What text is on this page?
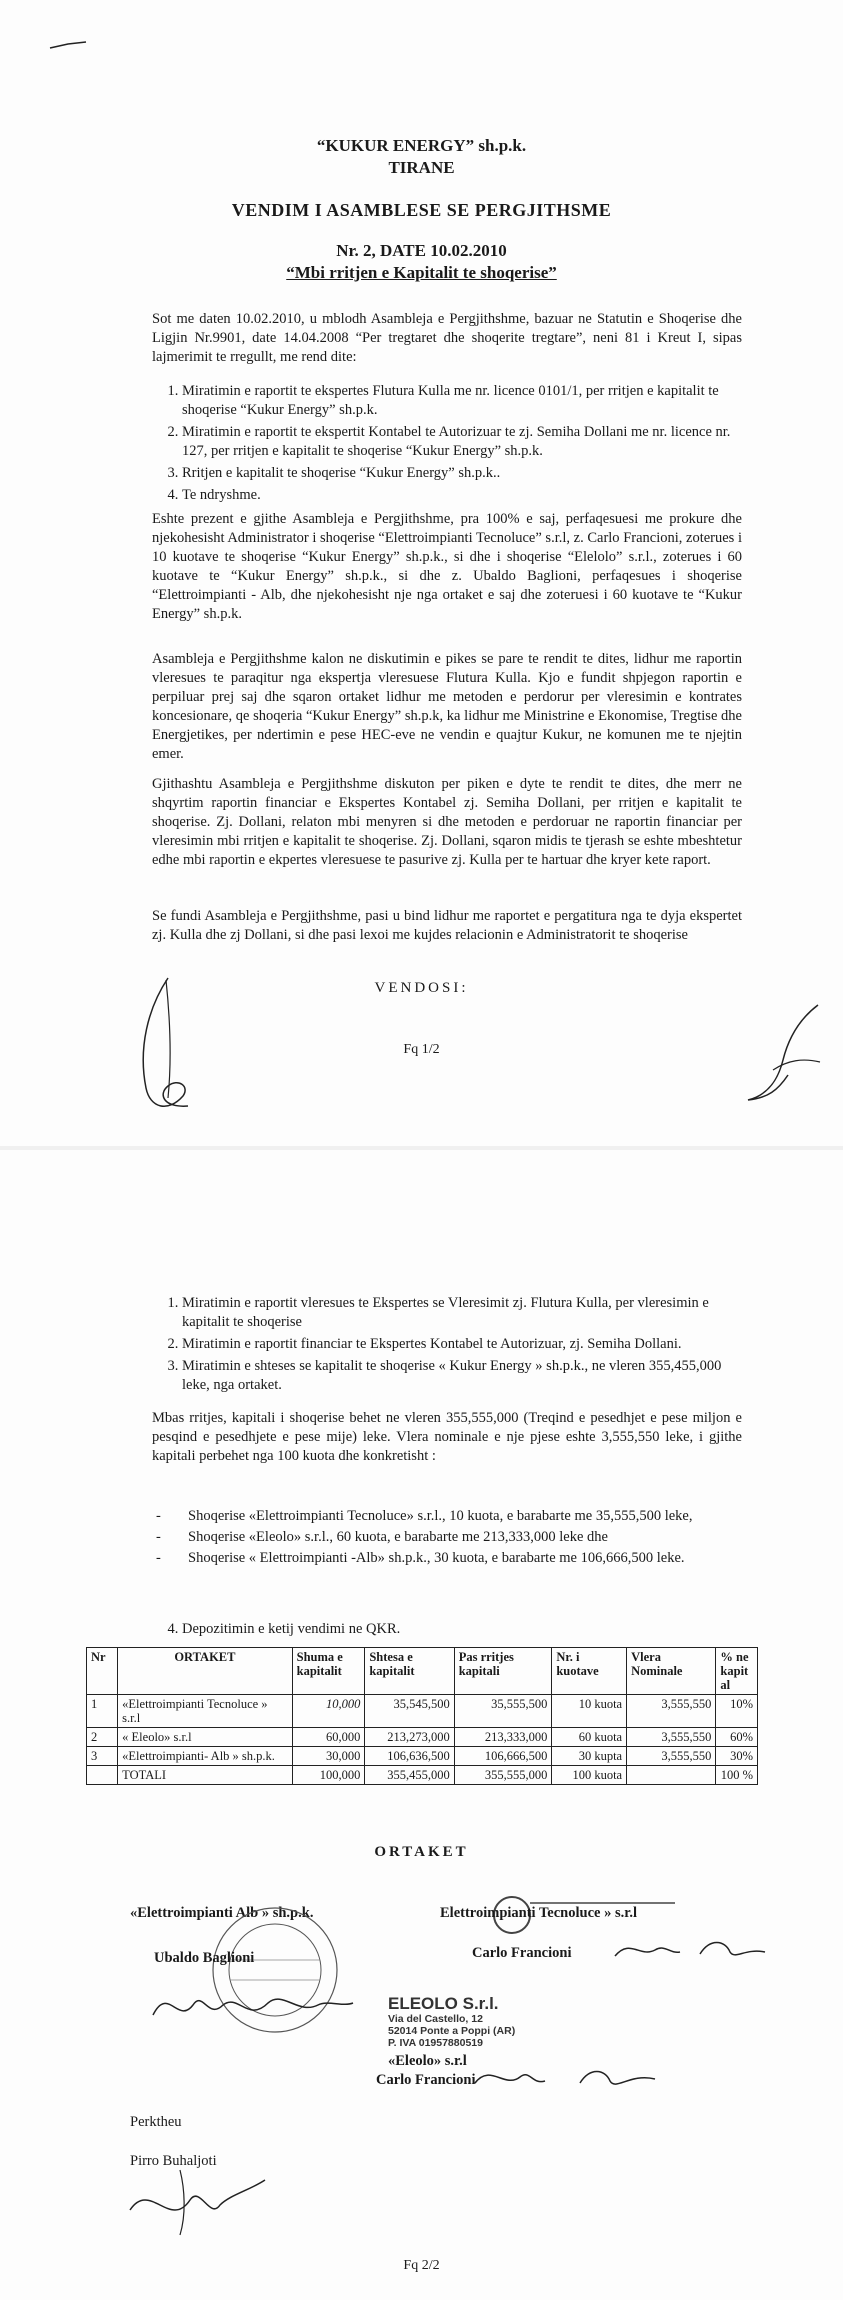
“KUKUR ENERGY” sh.p.k.
TIRANE
VENDIM I ASAMBLESE SE PERGJITHSME
Nr. 2, DATE 10.02.2010
“Mbi rritjen e Kapitalit te shoqerise”
Sot me daten 10.02.2010, u mblodh Asambleja e Pergjithshme, bazuar ne Statutin e Shoqerise dhe Ligjin Nr.9901, date 14.04.2008 “Per tregtaret dhe shoqerite tregtare”, neni 81 i Kreut I, sipas lajmerimit te rregullt, me rend dite:
1. Miratimin e raportit te ekspertes Flutura Kulla me nr. licence 0101/1, per rritjen e kapitalit te shoqerise “Kukur Energy” sh.p.k.
2. Miratimin e raportit te ekspertit Kontabel te Autorizuar te zj. Semiha Dollani me nr. licence nr. 127, per rritjen e kapitalit te shoqerise “Kukur Energy” sh.p.k.
3. Rritjen e kapitalit te shoqerise “Kukur Energy” sh.p.k..
4. Te ndryshme.
Eshte prezent e gjithe Asambleja e Pergjithshme, pra 100% e saj, perfaqesuesi me prokure dhe njekohesisht Administrator i shoqerise “Elettroimpianti Tecnoluce” s.r.l, z. Carlo Francioni, zoterues i 10 kuotave te shoqerise “Kukur Energy” sh.p.k., si dhe i shoqerise “Elelolo” s.r.l., zoterues i 60 kuotave te “Kukur Energy” sh.p.k., si dhe z. Ubaldo Baglioni, perfaqesues i shoqerise “Elettroimpianti - Alb, dhe njekohesisht nje nga ortaket e saj dhe zoteruesi i 60 kuotave te “Kukur Energy” sh.p.k.
Asambleja e Pergjithshme kalon ne diskutimin e pikes se pare te rendit te dites, lidhur me raportin vleresues te paraqitur nga ekspertja vleresuese Flutura Kulla. Kjo e fundit shpjegon raportin e perpiluar prej saj dhe sqaron ortaket lidhur me metoden e perdorur per vleresimin e kontrates koncesionare, qe shoqeria “Kukur Energy” sh.p.k, ka lidhur me Ministrine e Ekonomise, Tregtise dhe Energjetikes, per ndertimin e pese HEC-eve ne vendin e quajtur Kukur, ne komunen me te njejtin emer.
Gjithashtu Asambleja e Pergjithshme diskuton per piken e dyte te rendit te dites, dhe merr ne shqyrtim raportin financiar e Ekspertes Kontabel zj. Semiha Dollani, per rritjen e kapitalit te shoqerise. Zj. Dollani, relaton mbi menyren si dhe metoden e perdoruar ne raportin financiar per vleresimin mbi rritjen e kapitalit te shoqerise. Zj. Dollani, sqaron midis te tjerash se eshte mbeshtetur edhe mbi raportin e ekpertes vleresuese te pasurive zj. Kulla per te hartuar dhe kryer kete raport.
Se fundi Asambleja e Pergjithshme, pasi u bind lidhur me raportet e pergatitura nga te dyja ekspertet zj. Kulla dhe zj Dollani, si dhe pasi lexoi me kujdes relacionin e Administratorit te shoqerise
VENDOSI:
Fq 1/2
1. Miratimin e raportit vleresues te Ekspertes se Vleresimit zj. Flutura Kulla, per vleresimin e kapitalit te shoqerise
2. Miratimin e raportit financiar te Ekspertes Kontabel te Autorizuar, zj. Semiha Dollani.
3. Miratimin e shteses se kapitalit te shoqerise « Kukur Energy » sh.p.k., ne vleren 355,455,000 leke, nga ortaket.
Mbas rritjes, kapitali i shoqerise behet ne vleren 355,555,000 (Treqind e pesedhjet e pese miljon e pesqind e pesedhjete e pese mije) leke. Vlera nominale e nje pjese eshte 3,555,550 leke, i gjithe kapitali perbehet nga 100 kuota dhe konkretisht :
- Shoqerise «Elettroimpianti Tecnoluce» s.r.l., 10 kuota, e barabarte me 35,555,500 leke,
- Shoqerise «Eleolo» s.r.l., 60 kuota, e barabarte me 213,333,000 leke dhe
- Shoqerise « Elettroimpianti -Alb» sh.p.k., 30 kuota, e barabarte me 106,666,500 leke.
4. Depozitimin e ketij vendimi ne QKR.
Nr	ORTAKET	Shuma e kapitalit	Shtesa e kapitalit	Pas rritjes kapitali	Nr. i kuotave	Vlera Nominale	% ne kapit al
1	«Elettroimpianti Tecnoluce » s.r.l	10,000	35,545,500	35,555,500	10 kuota	3,555,550	10%
2	« Eleolo» s.r.l	60,000	213,273,000	213,333,000	60 kuota	3,555,550	60%
3	«Elettroimpianti- Alb » sh.p.k.	30,000	106,636,500	106,666,500	30 kupta	3,555,550	30%
	TOTALI	100,000	355,455,000	355,555,000	100 kuota		100 %
ORTAKET
«Elettroimpianti Alb » sh.p.k.
Ubaldo Baglioni
Elettroimpianti Tecnoluce » s.r.l
Carlo Francioni
ELEOLO S.r.l.
Via del Castello, 12
52014 Ponte a Poppi (AR)
P. IVA 01957880519
«Eleolo» s.r.l
Carlo Francioni
Perktheu
Pirro Buhaljoti
Fq 2/2
